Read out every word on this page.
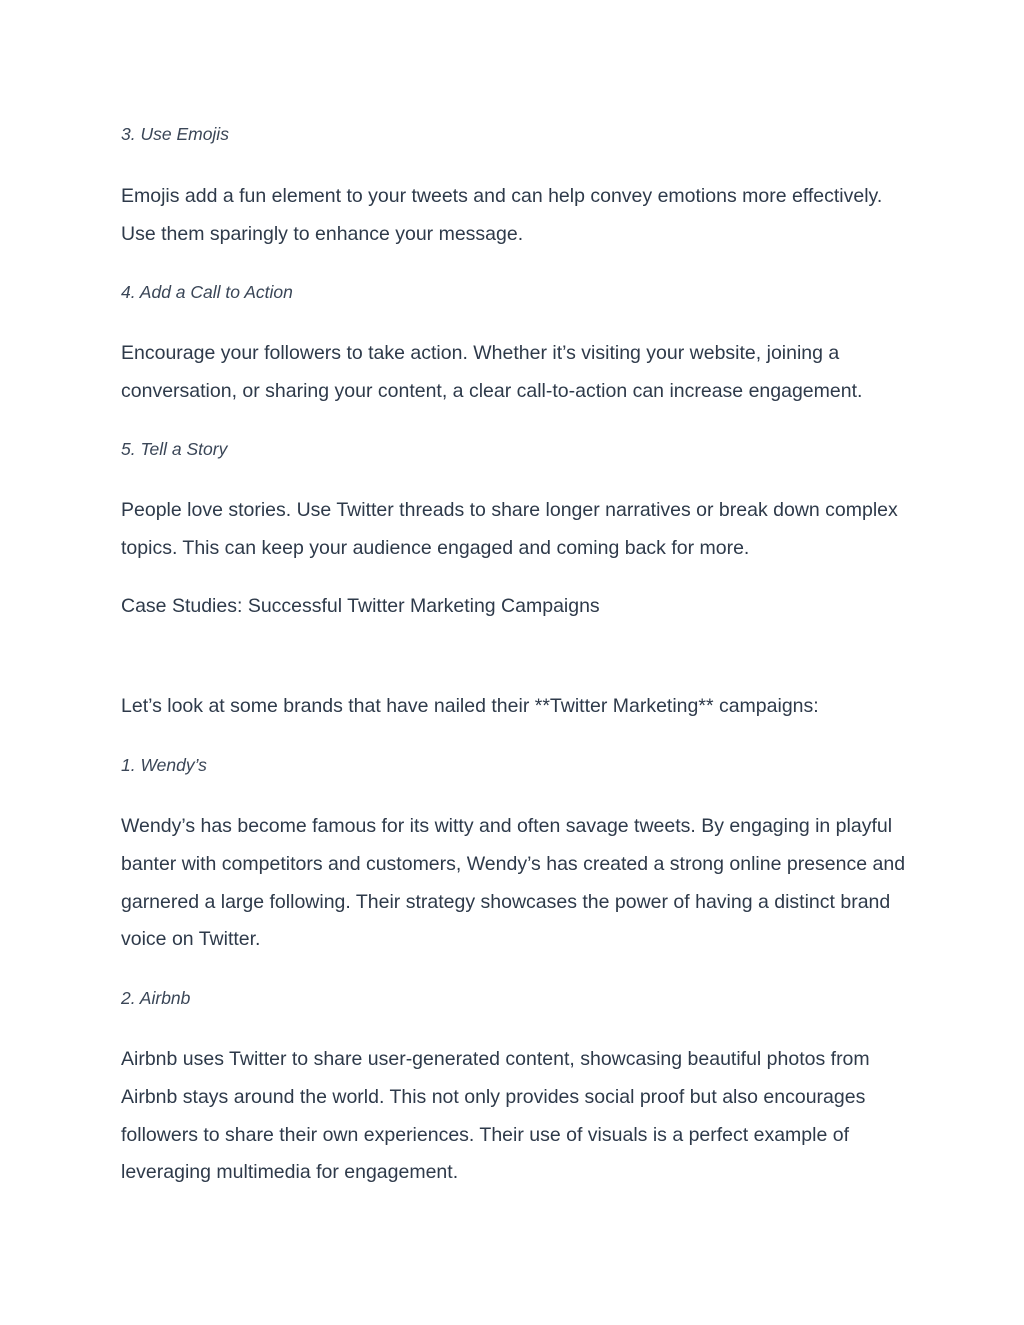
3. Use Emojis

Emojis add a fun element to your tweets and can help convey emotions more effectively. Use them sparingly to enhance your message.

4. Add a Call to Action

Encourage your followers to take action. Whether it’s visiting your website, joining a conversation, or sharing your content, a clear call-to-action can increase engagement.

5. Tell a Story

People love stories. Use Twitter threads to share longer narratives or break down complex topics. This can keep your audience engaged and coming back for more.

Case Studies: Successful Twitter Marketing Campaigns

Let’s look at some brands that have nailed their **Twitter Marketing** campaigns:

1. Wendy’s

Wendy’s has become famous for its witty and often savage tweets. By engaging in playful banter with competitors and customers, Wendy’s has created a strong online presence and garnered a large following. Their strategy showcases the power of having a distinct brand voice on Twitter.

2. Airbnb

Airbnb uses Twitter to share user-generated content, showcasing beautiful photos from Airbnb stays around the world. This not only provides social proof but also encourages followers to share their own experiences. Their use of visuals is a perfect example of leveraging multimedia for engagement.
